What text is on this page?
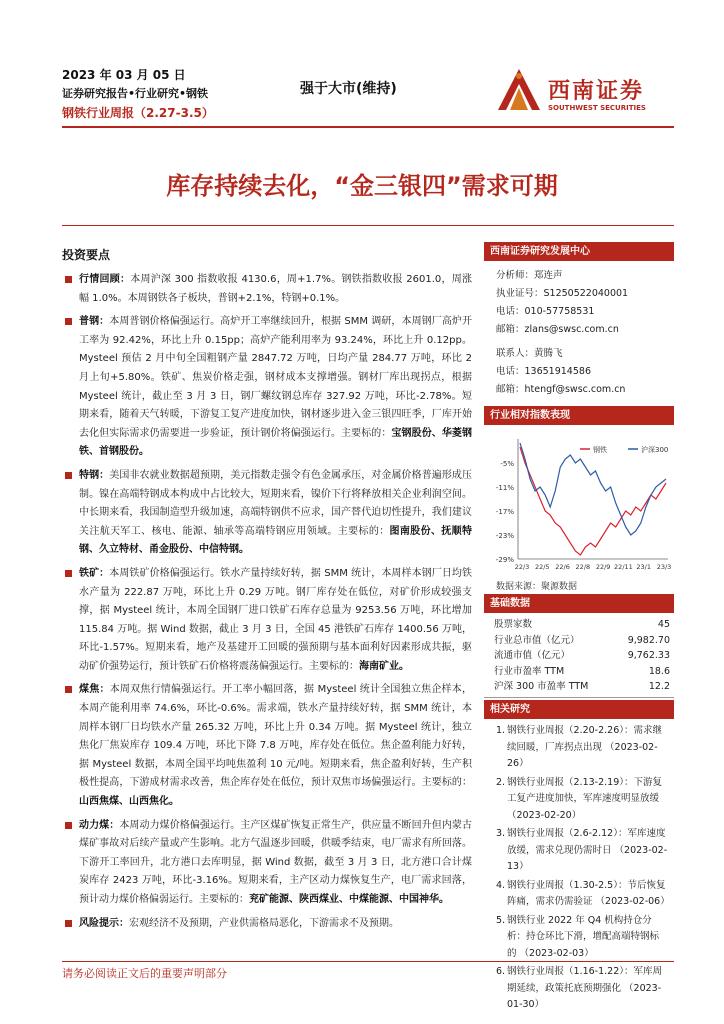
2023 年 03 月 05 日
证券研究报告•行业研究•钢铁
钢铁行业周报（2.27-3.5）
强于大市(维持)	西南证券
SOUTHWEST SECURITIES
库存持续去化，“金三银四”需求可期
投资要点
行情回顾：本周沪深 300 指数收报 4130.6，周+1.7%。钢铁指数收报 2601.0，周涨幅 1.0%。本周钢铁各子板块，普钢+2.1%，特钢+0.1%。
普钢：本周普钢价格偏强运行。高炉开工率继续回升，根据 SMM 调研，本周钢厂高炉开工率为 92.42%，环比上升 0.15pp；高炉产能利用率为 93.24%，环比上升 0.12pp。Mysteel 预估 2 月中旬全国粗钢产量 2847.72 万吨，日均产量 284.77 万吨，环比 2 月上旬+5.80%。铁矿、焦炭价格走强，钢材成本支撑增强。钢材厂库出现拐点，根据 Mysteel 统计，截止至 3 月 3 日，钢厂螺纹钢总库存 327.92 万吨，环比-2.78%。短期来看，随着天气转暖，下游复工复产进度加快，钢材逐步进入金三银四旺季，厂库开始去化但实际需求仍需要进一步验证，预计钢价将偏强运行。主要标的：宝钢股份、华菱钢铁、首钢股份。
特钢：美国非农就业数据超预期，美元指数走强令有色金属承压，对金属价格普遍形成压制。镍在高端特钢成本构成中占比较大，短期来看，镍价下行将释放相关企业利润空间。中长期来看，我国制造型升级加速，高端特钢供不应求，国产替代迫切性提升，我们建议关注航天军工、核电、能源、轴承等高端特钢应用领域。主要标的：图南股份、抚顺特钢、久立特材、甬金股份、中信特钢。
铁矿：本周铁矿价格偏强运行。铁水产量持续好转，据 SMM 统计，本周样本钢厂日均铁水产量为 222.87 万吨，环比上升 0.29 万吨。钢厂库存处在低位，对矿价形成较强支撑，据 Mysteel 统计，本周全国钢厂进口铁矿石库存总量为 9253.56 万吨，环比增加 115.84 万吨。据 Wind 数据，截止 3 月 3 日，全国 45 港铁矿石库存 1400.56 万吨，环比-1.57%。短期来看，地产及基建开工回暖的强预期与基本面利好因素形成共振，驱动矿价强势运行，预计铁矿石价格将震荡偏强运行。主要标的：海南矿业。
煤焦：本周双焦行情偏强运行。开工率小幅回落，据 Mysteel 统计全国独立焦企样本，本周产能利用率 74.6%，环比-0.6%。需求端，铁水产量持续好转，据 SMM 统计，本周样本钢厂日均铁水产量 265.32 万吨，环比上升 0.34 万吨。据 Mysteel 统计，独立焦化厂焦炭库存 109.4 万吨，环比下降 7.8 万吨，库存处在低位。焦企盈利能力好转，据 Mysteel 数据，本周全国平均吨焦盈利 10 元/吨。短期来看，焦企盈利好转，生产积极性提高，下游成材需求改善，焦企库存处在低位，预计双焦市场偏强运行。主要标的：山西焦煤、山西焦化。
动力煤：本周动力煤价格偏强运行。主产区煤矿恢复正常生产，供应量不断回升但内蒙古煤矿事故对后续产量或产生影响。北方气温逐步回暖，供暖季结束，电厂需求有所回落。下游开工率回升，北方港口去库明显，据 Wind 数据，截至 3 月 3 日，北方港口合计煤炭库存 2423 万吨，环比-3.16%。短期来看，主产区动力煤恢复生产，电厂需求回落，预计动力煤价格偏弱运行。主要标的：兖矿能源、陕西煤业、中煤能源、中国神华。
风险提示：宏观经济不及预期，产业供需格局恶化，下游需求不及预期。
西南证券研究发展中心
分析师：郑连声
执业证号：S1250522040001
电话：010-57758531
邮箱：zlans@swsc.com.cn
联系人：黄腾飞
电话：13651914586
邮箱：htengf@swsc.com.cn
行业相对指数表现
-5%
-11%
-17%
-23%
-29%
22/3 22/5 22/6 22/8 22/9 22/11 23/1 23/3
钢铁	沪深300
数据来源：聚源数据
基础数据
股票家数	45
行业总市值（亿元）	9,982.70
流通市值（亿元）	9,762.33
行业市盈率 TTM	18.6
沪深 300 市盈率 TTM	12.2
相关研究
1. 钢铁行业周报（2.20-2.26）：需求继续回暖，厂库拐点出现 （2023-02-26）
2. 钢铁行业周报（2.13-2.19）：下游复工复产进度加快，军库速度明显放缓 （2023-02-20）
3. 钢铁行业周报（2.6-2.12）：军库速度放缓，需求兑现仍需时日 （2023-02-13）
4. 钢铁行业周报（1.30-2.5）：节后恢复阵痛，需求仍需验证 （2023-02-06）
5. 钢铁行业 2022 年 Q4 机构持仓分析：持仓环比下滑，增配高端特钢标的 （2023-02-03）
6. 钢铁行业周报（1.16-1.22）：军库周期延续，政策托底预期强化 （2023-01-30）
请务必阅读正文后的重要声明部分
